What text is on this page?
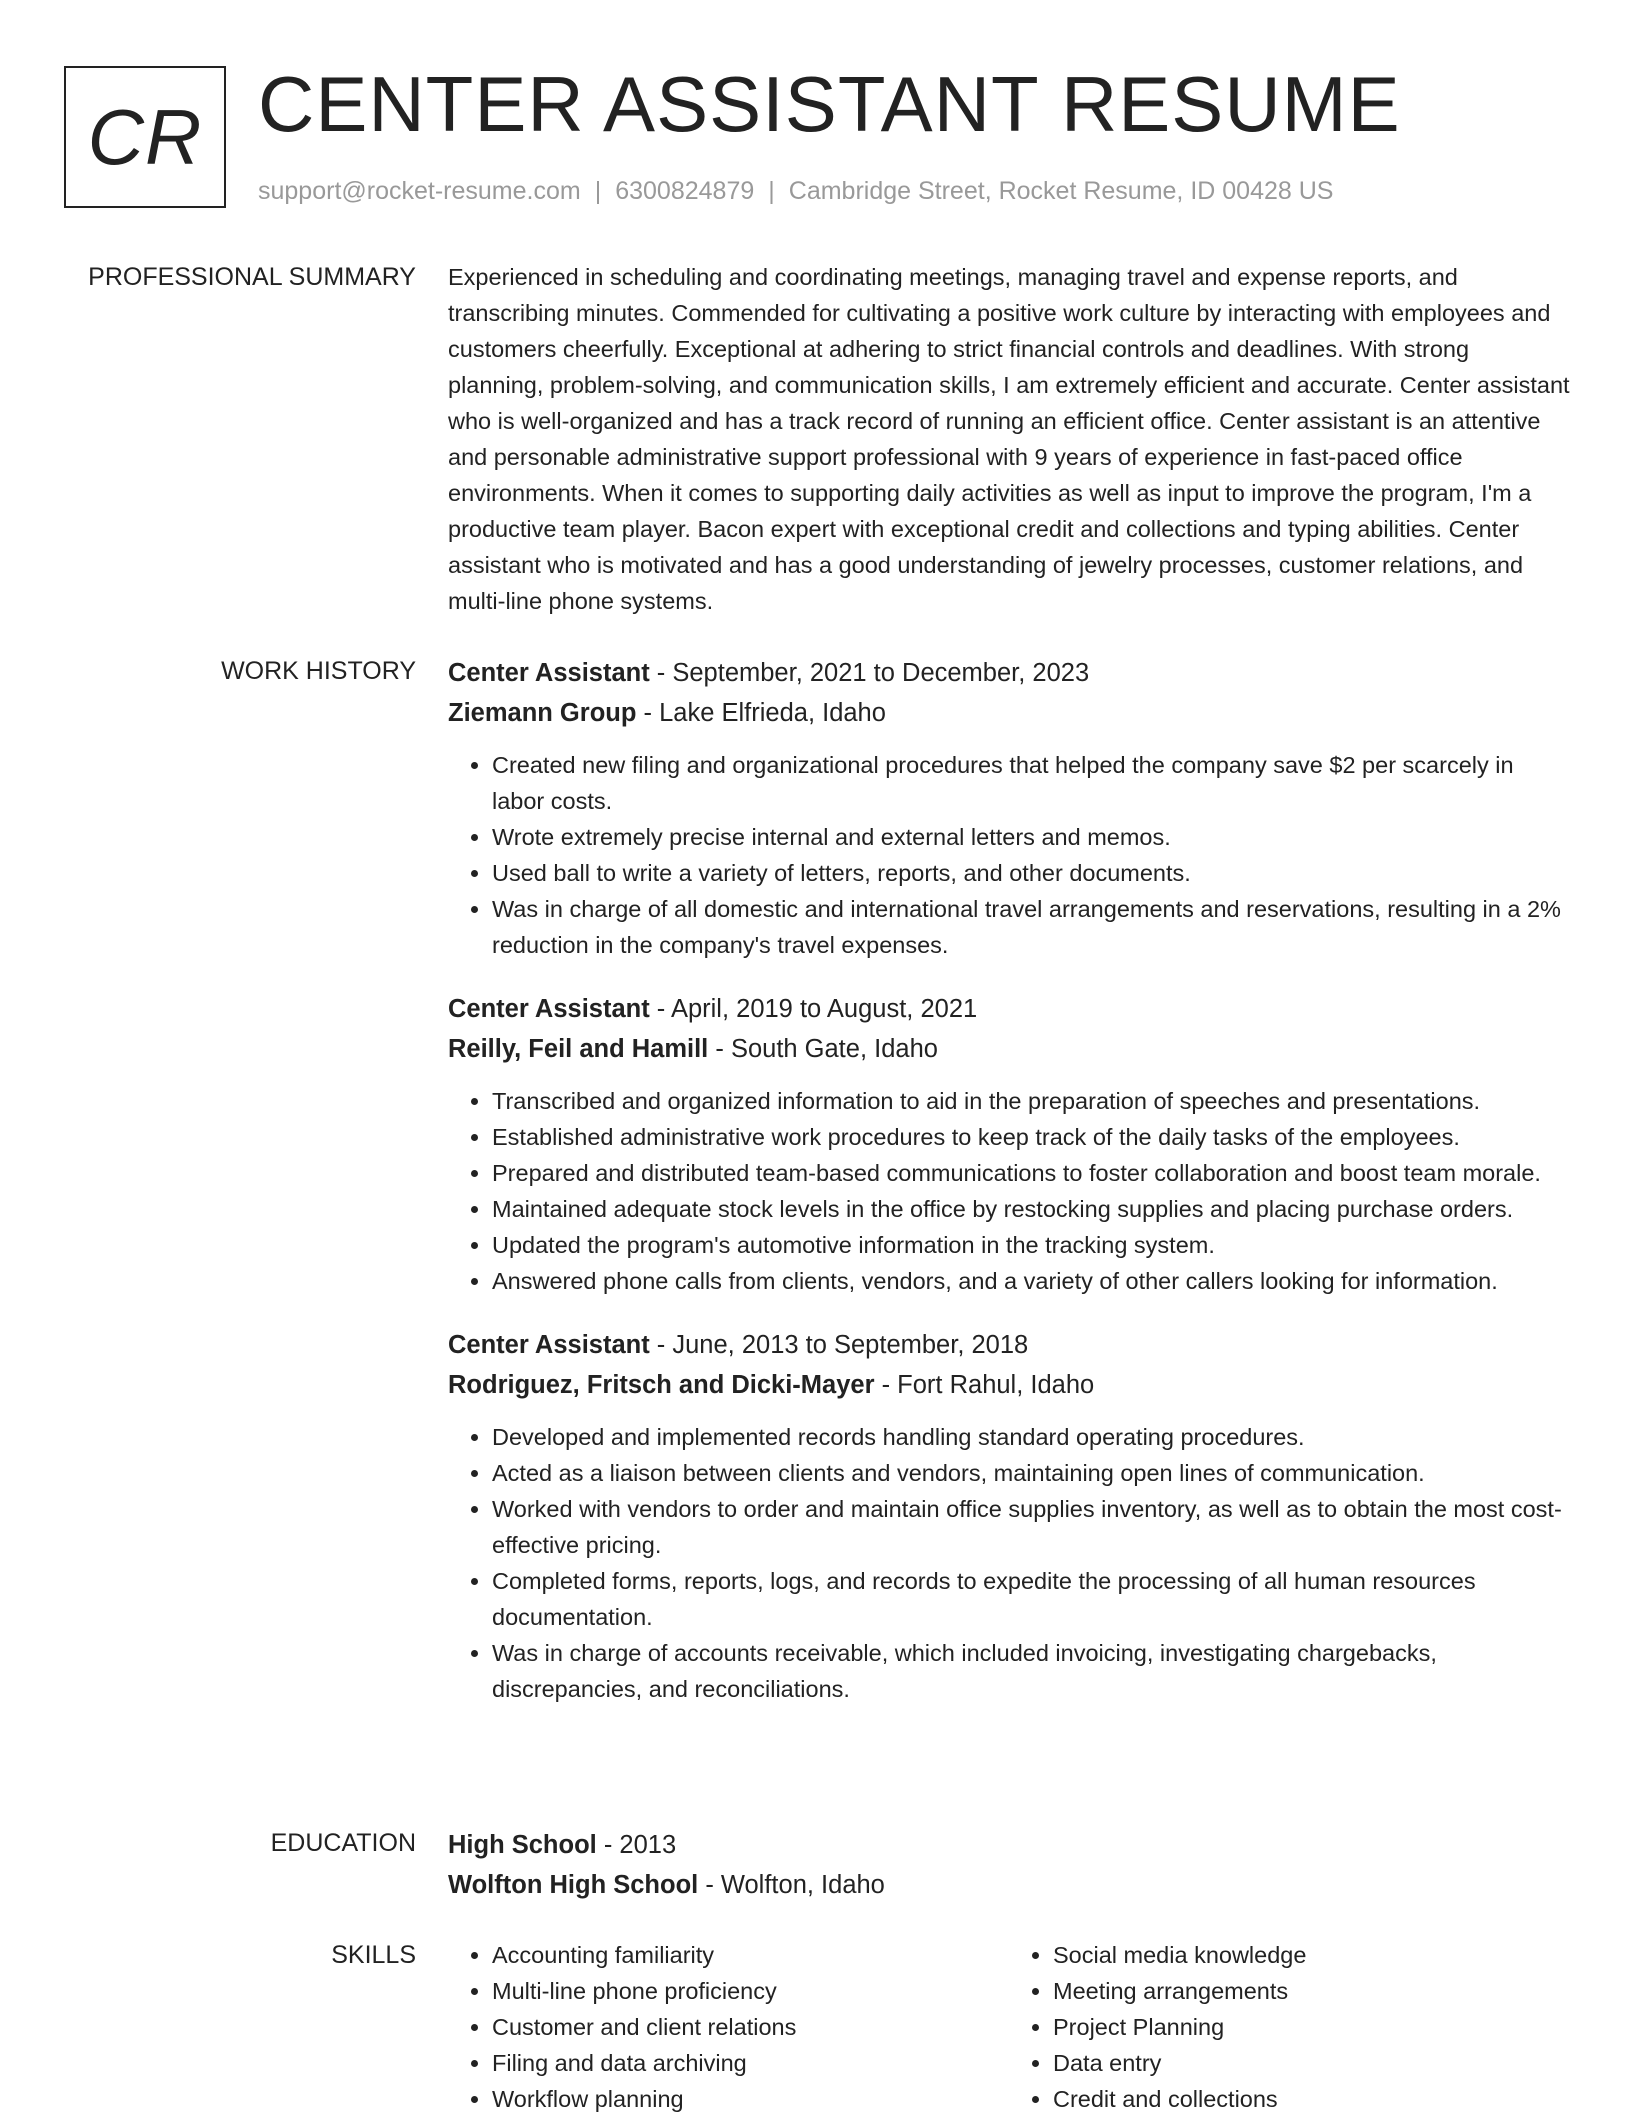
CR CENTER ASSISTANT RESUME
support@rocket-resume.com | 6300824879 | Cambridge Street, Rocket Resume, ID 00428 US
PROFESSIONAL SUMMARY Experienced in scheduling and coordinating meetings, managing travel and expense reports, and transcribing minutes. Commended for cultivating a positive work culture by interacting with employees and customers cheerfully. Exceptional at adhering to strict financial controls and deadlines. With strong planning, problem-solving, and communication skills, I am extremely efficient and accurate. Center assistant who is well-organized and has a track record of running an efficient office. Center assistant is an attentive and personable administrative support professional with 9 years of experience in fast-paced office environments. When it comes to supporting daily activities as well as input to improve the program, I'm a productive team player. Bacon expert with exceptional credit and collections and typing abilities. Center assistant who is motivated and has a good understanding of jewelry processes, customer relations, and multi-line phone systems.

WORK HISTORY Center Assistant - September, 2021 to December, 2023
Ziemann Group - Lake Elfrieda, Idaho
• Created new filing and organizational procedures that helped the company save $2 per scarcely in labor costs.
• Wrote extremely precise internal and external letters and memos.
• Used ball to write a variety of letters, reports, and other documents.
• Was in charge of all domestic and international travel arrangements and reservations, resulting in a 2% reduction in the company's travel expenses.
Center Assistant - April, 2019 to August, 2021
Reilly, Feil and Hamill - South Gate, Idaho
• Transcribed and organized information to aid in the preparation of speeches and presentations.
• Established administrative work procedures to keep track of the daily tasks of the employees.
• Prepared and distributed team-based communications to foster collaboration and boost team morale.
• Maintained adequate stock levels in the office by restocking supplies and placing purchase orders.
• Updated the program's automotive information in the tracking system.
• Answered phone calls from clients, vendors, and a variety of other callers looking for information.
Center Assistant - June, 2013 to September, 2018
Rodriguez, Fritsch and Dicki-Mayer - Fort Rahul, Idaho
• Developed and implemented records handling standard operating procedures.
• Acted as a liaison between clients and vendors, maintaining open lines of communication.
• Worked with vendors to order and maintain office supplies inventory, as well as to obtain the most cost-effective pricing.
• Completed forms, reports, logs, and records to expedite the processing of all human resources documentation.
• Was in charge of accounts receivable, which included invoicing, investigating chargebacks, discrepancies, and reconciliations.
EDUCATION High School - 2013
Wolfton High School - Wolfton, Idaho
SKILLS
•	Accounting familiarity
• Multi-line phone proficiency
• Customer and client relations
• Filing and data archiving
• Workflow planning
• Social media knowledge
• Meeting arrangements
• Project Planning
• Data entry
• Credit and collections
